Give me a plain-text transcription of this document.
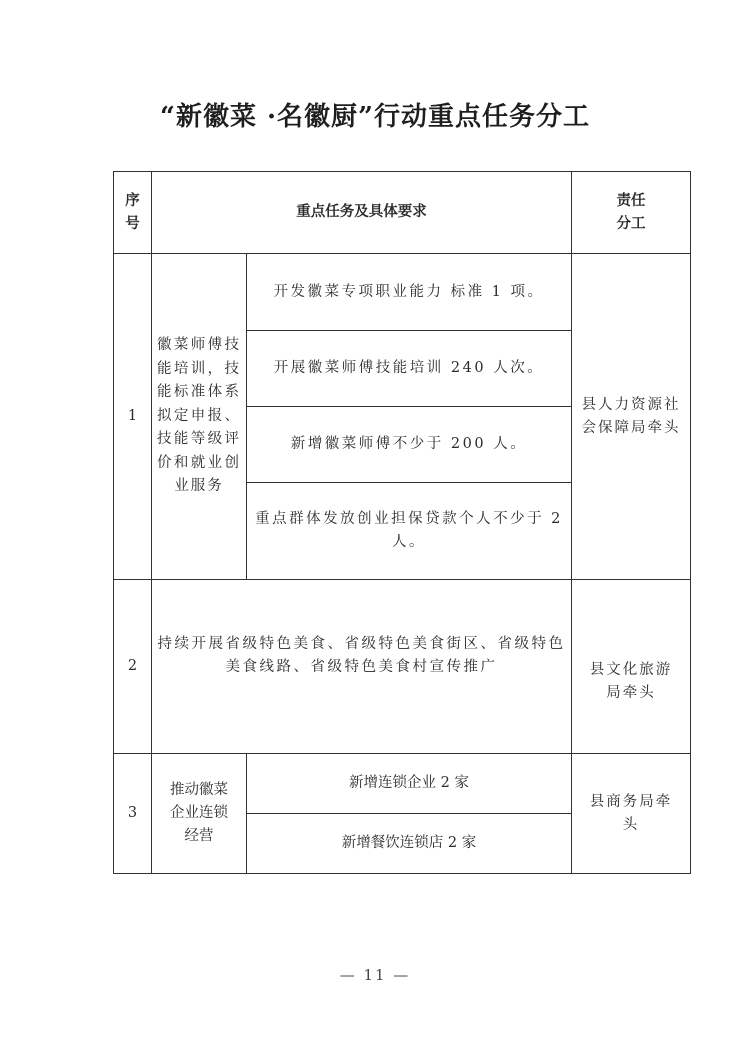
“新徽菜 ·名徽厨”行动重点任务分工
序号	重点任务及具体要求		责任分工

1	徽菜师傅技能培训，技能标准体系拟定申报、技能等级评价和就业创业服务	开发徽菜专项职业能力 标准 1 项。	县人力资源社会保障局牵头

		开展徽菜师傅技能培训 240 人次。	
		新增徽菜师傅不少于 200 人。	

		重点群体发放创业担保贷款个人不少于 2 人。	

2	持续开展省级特色美食、省级特色美食街区、省级特色美食线路、省级特色美食村宣传推广		县文化旅游局牵头

3	推动徽菜企业连锁经营	新增连锁企业 2 家	县商务局牵头

		新增餐饮连锁店 2 家	
— 11 —
